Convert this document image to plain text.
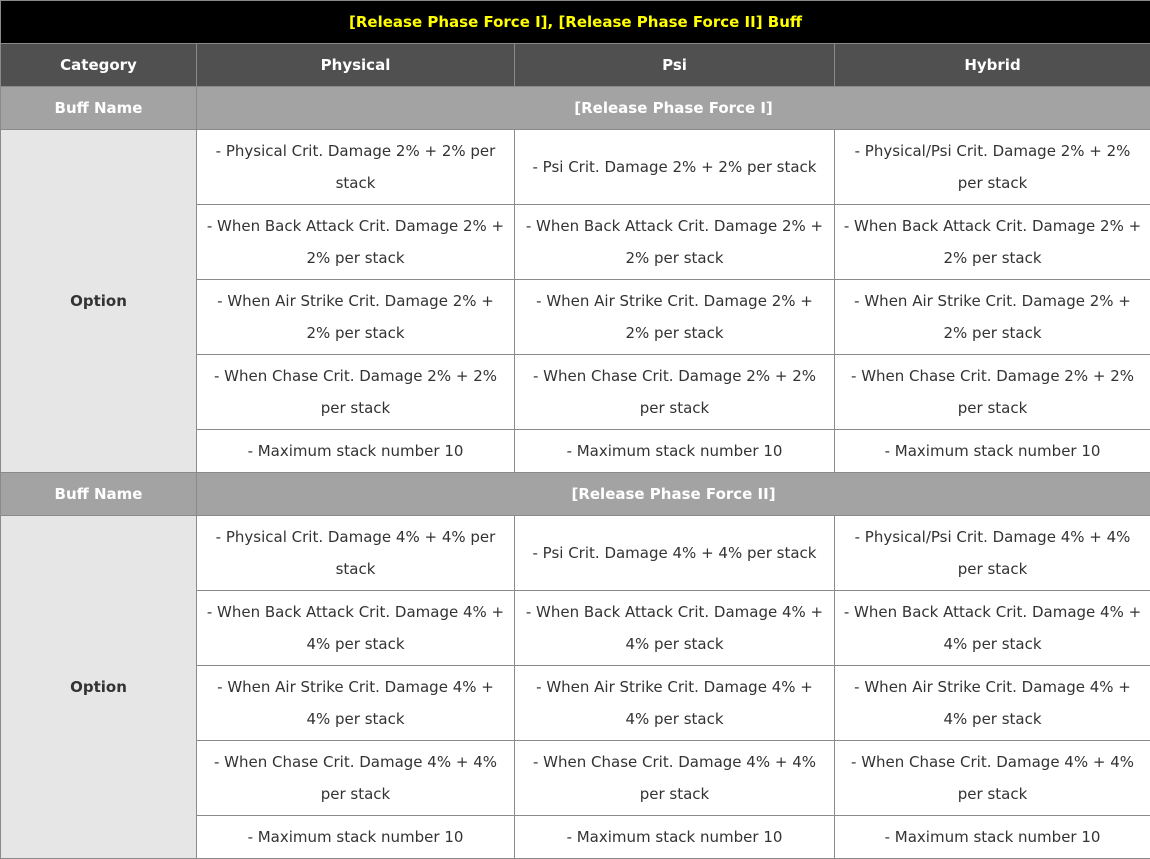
[Release Phase Force I], [Release Phase Force II] Buff			
Category	Physical	Psi	Hybrid
Buff Name	[Release Phase Force I]		
Option	- Physical Crit. Damage 2% + 2% per stack	- Psi Crit. Damage 2% + 2% per stack	- Physical/Psi Crit. Damage 2% + 2% per stack
	- When Back Attack Crit. Damage 2% + 2% per stack	- When Back Attack Crit. Damage 2% + 2% per stack	- When Back Attack Crit. Damage 2% + 2% per stack
	- When Air Strike Crit. Damage 2% + 2% per stack	- When Air Strike Crit. Damage 2% + 2% per stack	- When Air Strike Crit. Damage 2% + 2% per stack
	- When Chase Crit. Damage 2% + 2% per stack	- When Chase Crit. Damage 2% + 2% per stack	- When Chase Crit. Damage 2% + 2% per stack
	- Maximum stack number 10	- Maximum stack number 10	- Maximum stack number 10
Buff Name	[Release Phase Force II]		
Option	- Physical Crit. Damage 4% + 4% per stack	- Psi Crit. Damage 4% + 4% per stack	- Physical/Psi Crit. Damage 4% + 4% per stack
	- When Back Attack Crit. Damage 4% + 4% per stack	- When Back Attack Crit. Damage 4% + 4% per stack	- When Back Attack Crit. Damage 4% + 4% per stack
	- When Air Strike Crit. Damage 4% + 4% per stack	- When Air Strike Crit. Damage 4% + 4% per stack	- When Air Strike Crit. Damage 4% + 4% per stack
	- When Chase Crit. Damage 4% + 4% per stack	- When Chase Crit. Damage 4% + 4% per stack	- When Chase Crit. Damage 4% + 4% per stack
	- Maximum stack number 10	- Maximum stack number 10	- Maximum stack number 10
